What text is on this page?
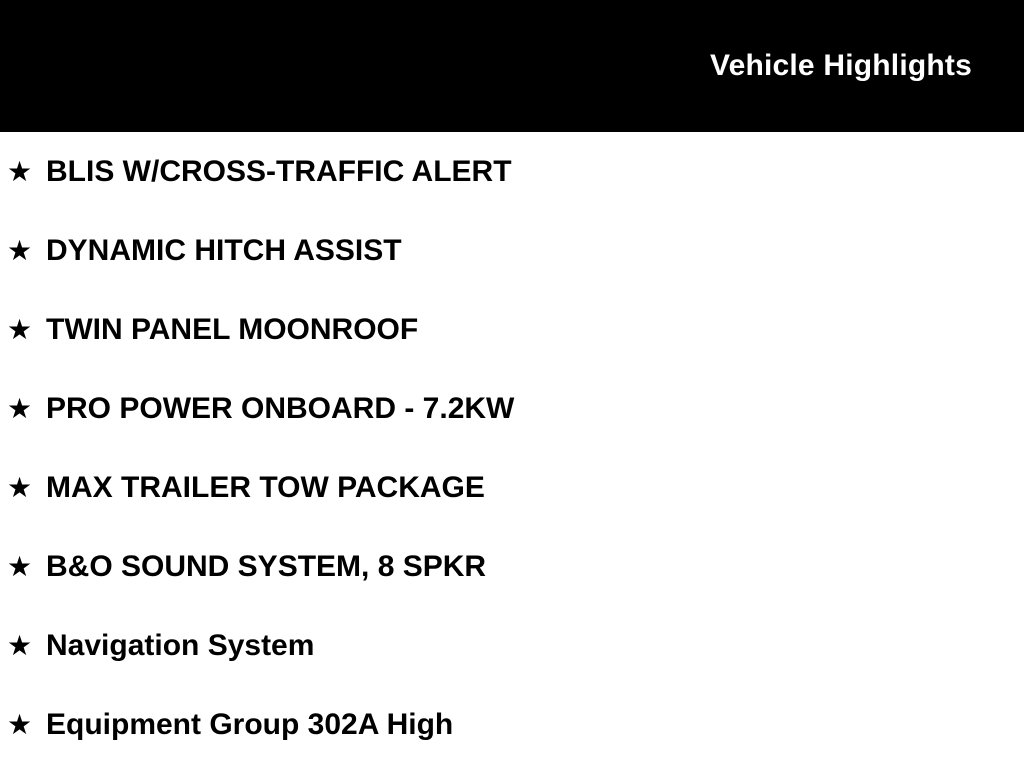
Vehicle Highlights
★ BLIS W/CROSS-TRAFFIC ALERT
★ DYNAMIC HITCH ASSIST
★ TWIN PANEL MOONROOF
★ PRO POWER ONBOARD - 7.2KW
★ MAX TRAILER TOW PACKAGE
★ B&O SOUND SYSTEM, 8 SPKR
★ Navigation System
★ Equipment Group 302A High
